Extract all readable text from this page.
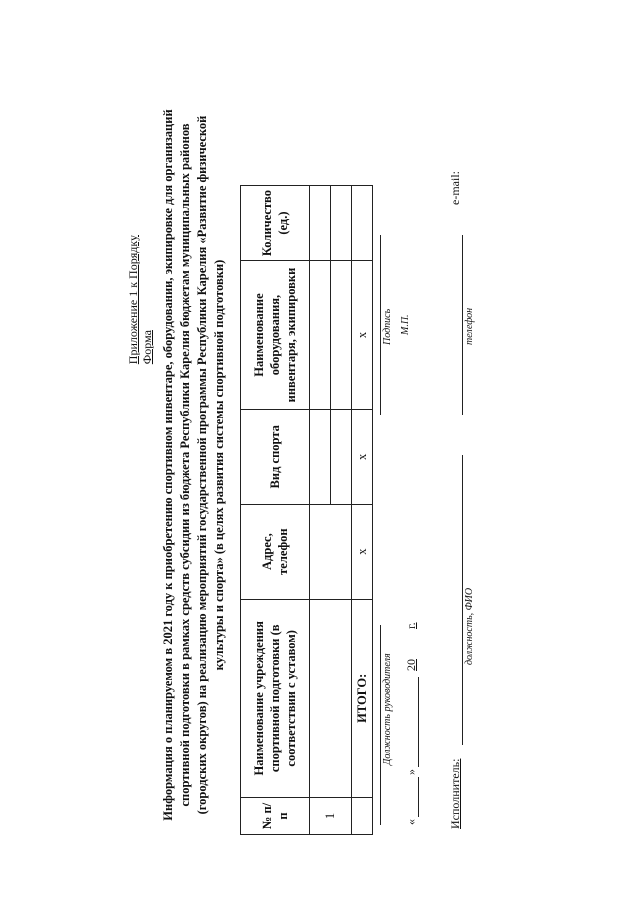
Приложение 1 к Порядку Форма Информация о планируемом в 2021 году к приобретению спортивном инвентаре, оборудовании, экипировке для организаций спортивной подготовки в рамках средств субсидии из бюджета Республики Карелия бюджетам муниципальных районов (городских округов) на реализацию мероприятий государственной программы Республики Карелия «Развитие физической культуры и спорта» (в целях развития системы спортивной подготовки)
№ п/п	Наименование учреждения спортивной подготовки (в соответствии с уставом)	Адрес, телефон	Вид спорта	Наименование оборудования, инвентаря, экипировки	Количество (ед.)
1					

	ИТОГО:	х	х	х	
Должность руководителя
Подпись М.П.
«
»
20
г.
Исполнитель:
должность, ФИО
телефон
e-mail:
